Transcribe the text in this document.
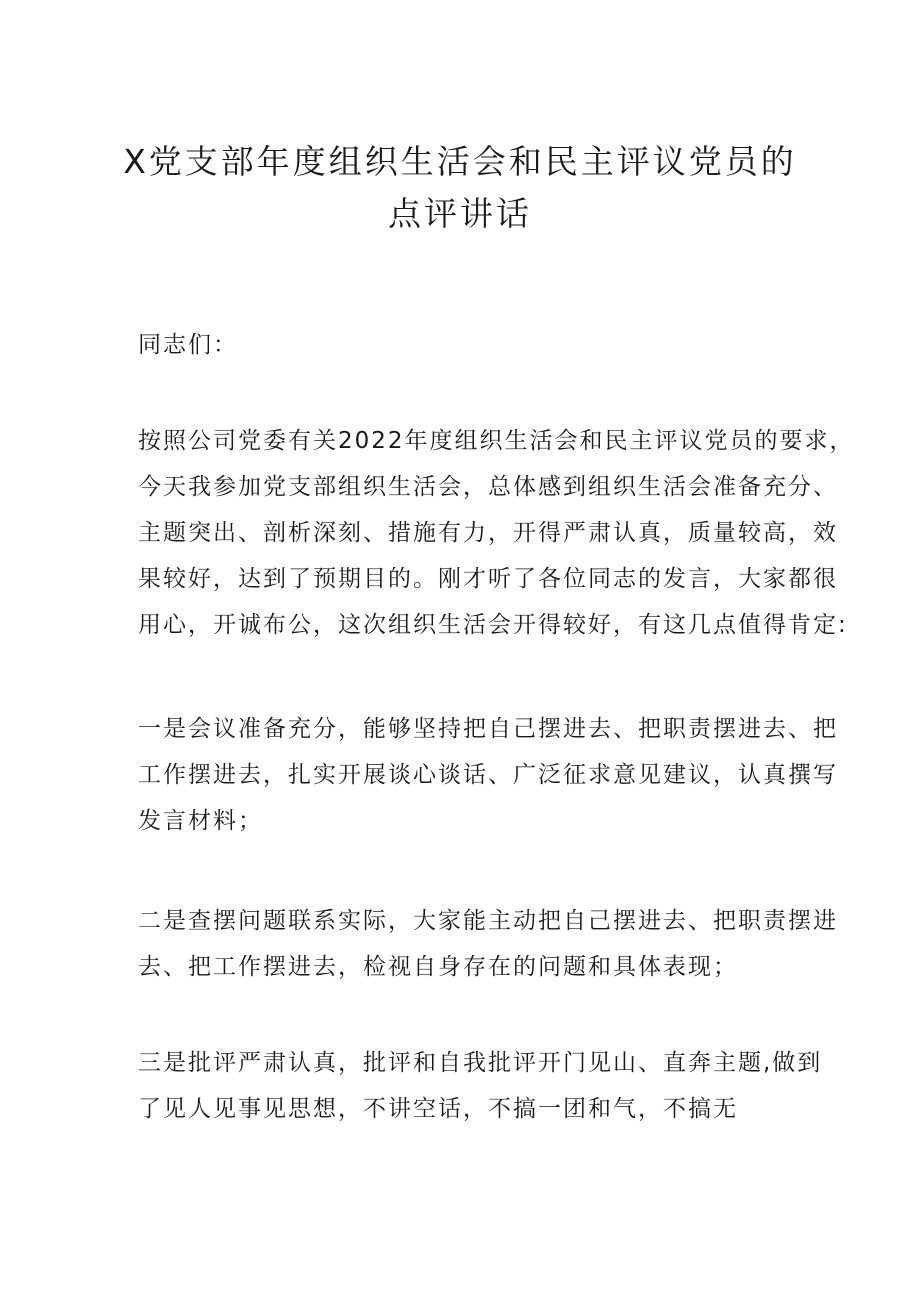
X党支部年度组织生活会和民主评议党员的
点评讲话

同志们：

按照公司党委有关2022年度组织生活会和民主评议党员的要求，
今天我参加党支部组织生活会，总体感到组织生活会准备充分、
主题突出、剖析深刻、措施有力，开得严肃认真，质量较高，效
果较好，达到了预期目的。刚才听了各位同志的发言，大家都很
用心，开诚布公，这次组织生活会开得较好，有这几点值得肯定:

一是会议准备充分，能够坚持把自己摆进去、把职责摆进去、把
工作摆进去，扎实开展谈心谈话、广泛征求意见建议，认真撰写
发言材料；

二是查摆问题联系实际，大家能主动把自己摆进去、把职责摆进
去、把工作摆进去，检视自身存在的问题和具体表现；

三是批评严肃认真，批评和自我批评开门见山、直奔主题,做到
了见人见事见思想，不讲空话，不搞一团和气，不搞无
